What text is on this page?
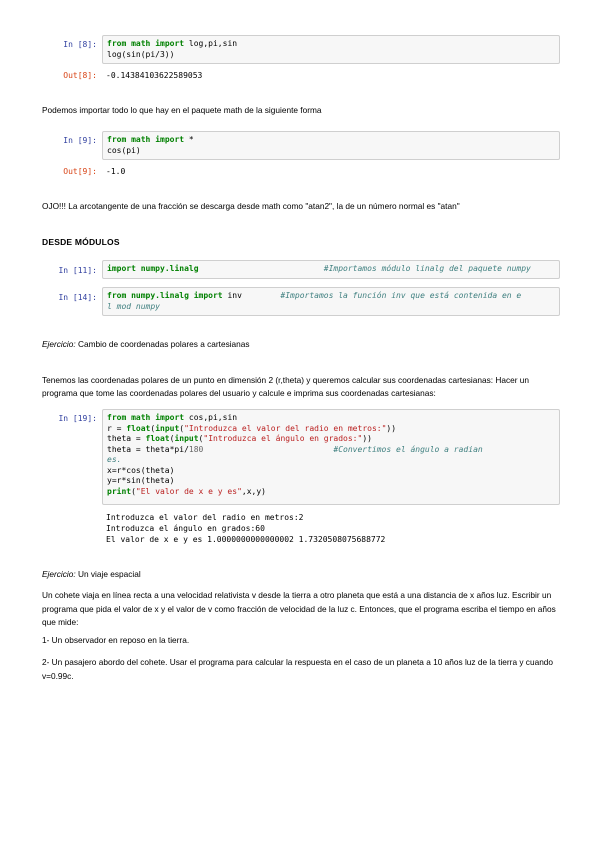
In [8]: from math import log,pi,sin
log(sin(pi/3))
Out[8]: -0.14384103622589053
Podemos importar todo lo que hay en el paquete math de la siguiente forma
In [9]: from math import *
cos(pi)
Out[9]: -1.0
OJO!!! La arcotangente de una fracción se descarga desde math como "atan2", la de un número normal es "atan"
DESDE MÓDULOS
In [11]: import numpy.linalg	#Importamos módulo linalg del paquete numpy
In [14]: from numpy.linalg import inv	#Importamos la función inv que está contenida en e
l mod numpy
Ejercicio: Cambio de coordenadas polares a cartesianas
Tenemos las coordenadas polares de un punto en dimensión 2 (r,theta) y queremos calcular sus coordenadas cartesianas: Hacer un programa que tome las coordenadas polares del usuario y calcule e imprima sus coordenadas cartesianas:
In [19]: from math import cos,pi,sin
r = float(input("Introduzca el valor del radio en metros:"))
theta = float(input("Introduzca el ángulo en grados:"))
theta = theta*pi/180	#Convertimos el ángulo a radian
es.
x=r*cos(theta)
y=r*sin(theta)
print("El valor de x e y es",x,y)
Introduzca el valor del radio en metros:2
Introduzca el ángulo en grados:60
El valor de x e y es 1.0000000000000002 1.7320508075688772
Ejercicio: Un viaje espacial
Un cohete viaja en línea recta a una velocidad relativista v desde la tierra a otro planeta que está a una distancia de x años luz. Escribir un programa que pida el valor de x y el valor de v como fracción de velocidad de la luz c. Entonces, que el programa escriba el tiempo en años que mide:
1- Un observador en reposo en la tierra.
2- Un pasajero abordo del cohete. Usar el programa para calcular la respuesta en el caso de un planeta a 10 años luz de la tierra y cuando v=0.99c.
